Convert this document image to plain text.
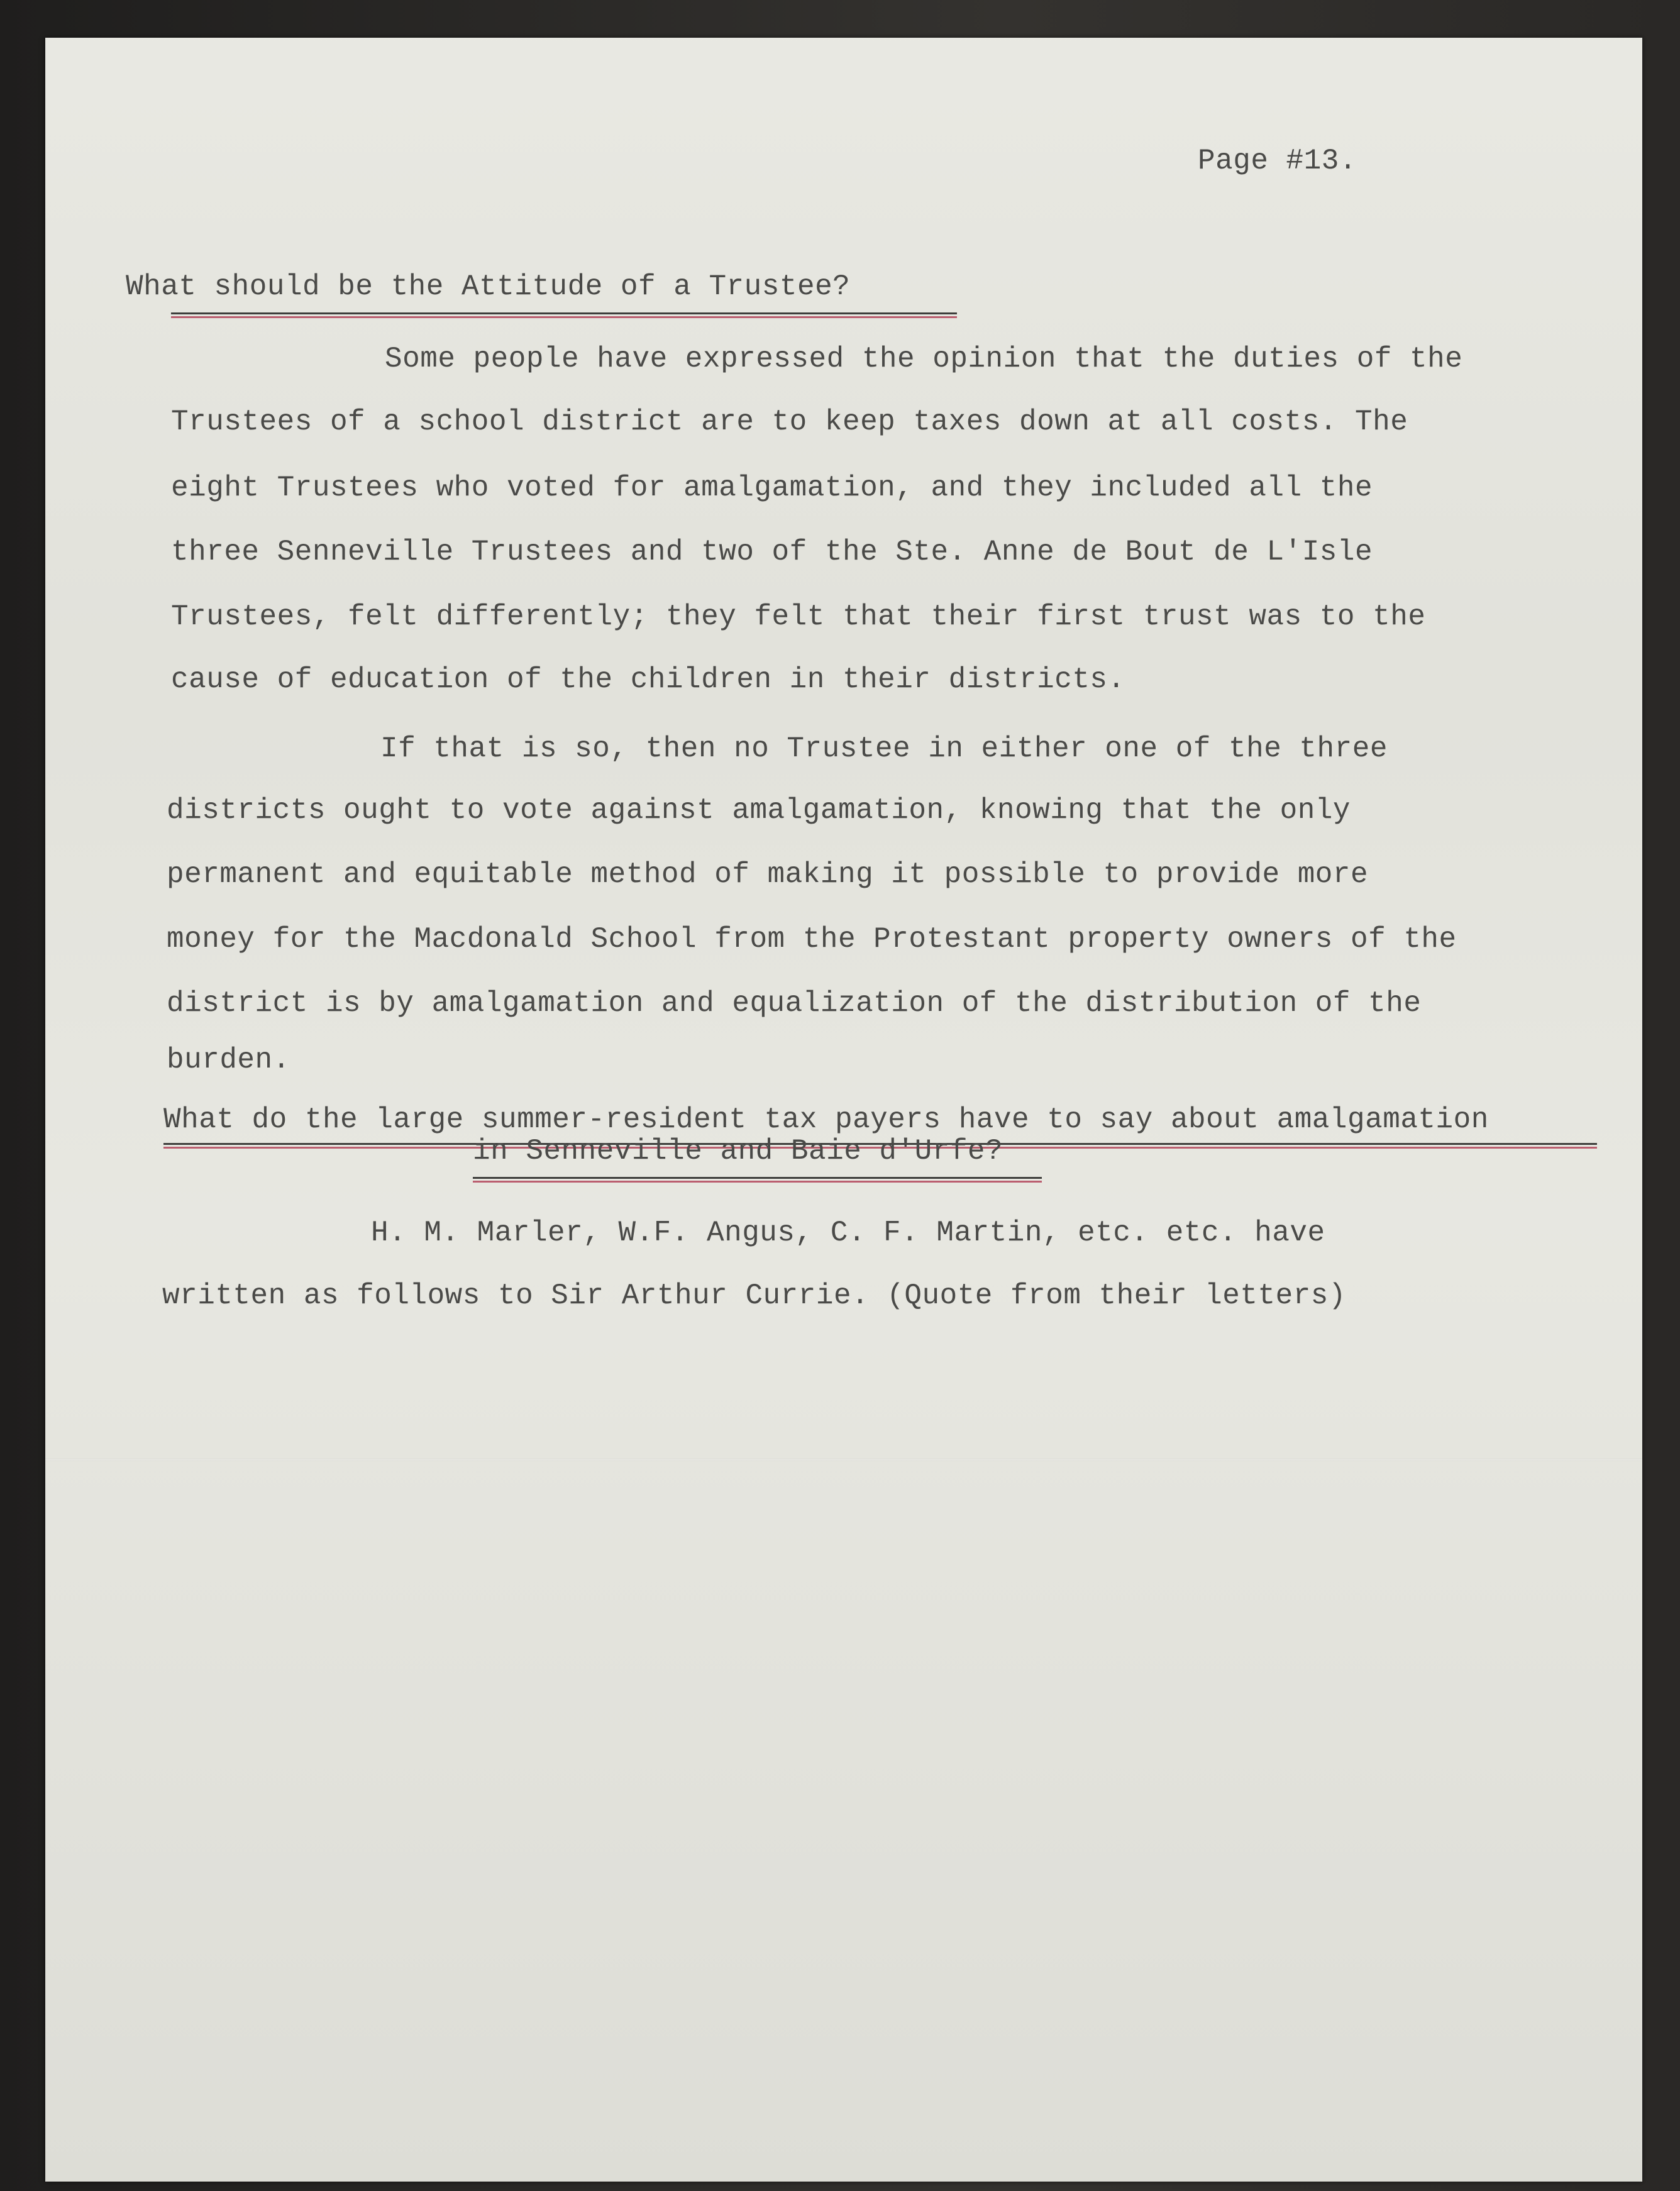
Page #13.

What should be the Attitude of a Trustee?

Some people have expressed the opinion that the duties of the

Trustees of a school district are to keep taxes down at all costs. The

eight Trustees who voted for amalgamation, and they included all the

three Senneville Trustees and two of the Ste. Anne de Bout de L'Isle

Trustees, felt differently; they felt that their first trust was to the

cause of education of the children in their districts.

If that is so, then no Trustee in either one of the three

districts ought to vote against amalgamation, knowing that the only

permanent and equitable method of making it possible to provide more

money for the Macdonald School from the Protestant property owners of the

district is by amalgamation and equalization of the distribution of the

burden.

What do the large summer-resident tax payers have to say about amalgamation

in Senneville and Baie d'Urfe?

H. M. Marler, W.F. Angus, C. F. Martin, etc. etc. have

written as follows to Sir Arthur Currie. (Quote from their letters)
